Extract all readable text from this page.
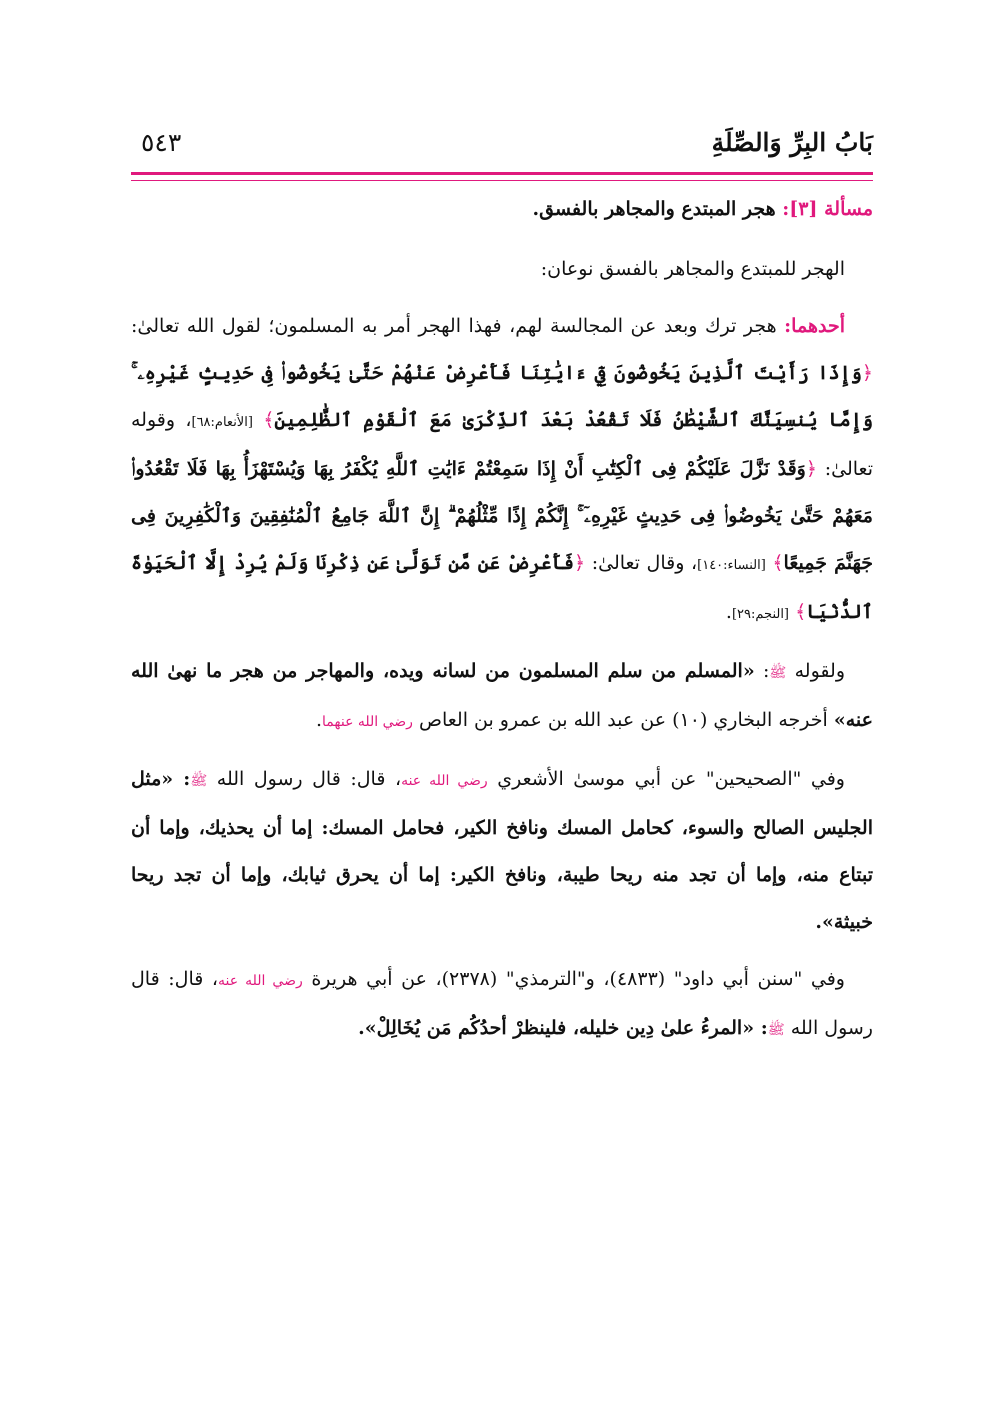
بَابُ البِرِّ وَالصِّلَةِ
٥٤٣
مسألة [٣]: هجر المبتدع والمجاهر بالفسق.

الهجر للمبتدع والمجاهر بالفسق نوعان:

أحدهما: هجر ترك وبعد عن المجالسة لهم، فهذا الهجر أمر به المسلمون؛ لقول الله تعالىٰ: ﴿وَإِذَا رَأَيْتَ ٱلَّذِينَ يَخُوضُونَ فِيٓ ءَايَٰتِنَا فَأَعْرِضْ عَنْهُمْ حَتَّىٰ يَخُوضُوا۟ فِى حَدِيثٍ غَيْرِهِۦ ۚ وَإِمَّا يُنسِيَنَّكَ ٱلشَّيْطَٰنُ فَلَا تَقْعُدْ بَعْدَ ٱلذِّكْرَىٰ مَعَ ٱلْقَوْمِ ٱلظَّٰلِمِينَ﴾ [الأنعام:٦٨]، وقوله تعالىٰ: ﴿وَقَدْ نَزَّلَ عَلَيْكُمْ فِى ٱلْكِتَٰبِ أَنْ إِذَا سَمِعْتُمْ ءَايَٰتِ ٱللَّهِ يُكْفَرُ بِهَا وَيُسْتَهْزَأُ بِهَا فَلَا تَقْعُدُوا۟ مَعَهُمْ حَتَّىٰ يَخُوضُوا۟ فِى حَدِيثٍ غَيْرِهِۦٓ ۚ إِنَّكُمْ إِذًا مِّثْلُهُمْ ۗ إِنَّ ٱللَّهَ جَامِعُ ٱلْمُنَٰفِقِينَ وَٱلْكَٰفِرِينَ فِى جَهَنَّمَ جَمِيعًا﴾ [النساء:١٤٠]، وقال تعالىٰ: ﴿فَأَعْرِضْ عَن مَّن تَوَلَّىٰ عَن ذِكْرِنَا وَلَمْ يُرِدْ إِلَّا ٱلْحَيَوٰةَ ٱلدُّنْيَا﴾ [النجم:٢٩].

ولقوله ﷺ: «المسلم من سلم المسلمون من لسانه ويده، والمهاجر من هجر ما نهىٰ الله عنه» أخرجه البخاري (١٠) عن عبد الله بن عمرو بن العاص رضي الله عنهما.

وفي "الصحيحين" عن أبي موسىٰ الأشعري رضي الله عنه، قال: قال رسول الله ﷺ: «مثل الجليس الصالح والسوء، كحامل المسك ونافخ الكير، فحامل المسك: إما أن يحذيك، وإما أن تبتاع منه، وإما أن تجد منه ريحا طيبة، ونافخ الكير: إما أن يحرق ثيابك، وإما أن تجد ريحا خبيثة».

وفي "سنن أبي داود" (٤٨٣٣)، و"الترمذي" (٢٣٧٨)، عن أبي هريرة رضي الله عنه، قال: قال رسول الله ﷺ: «المرءُ علىٰ دِين خليله، فلينظرْ أحدُكُم مَن يُخَالِلْ».
